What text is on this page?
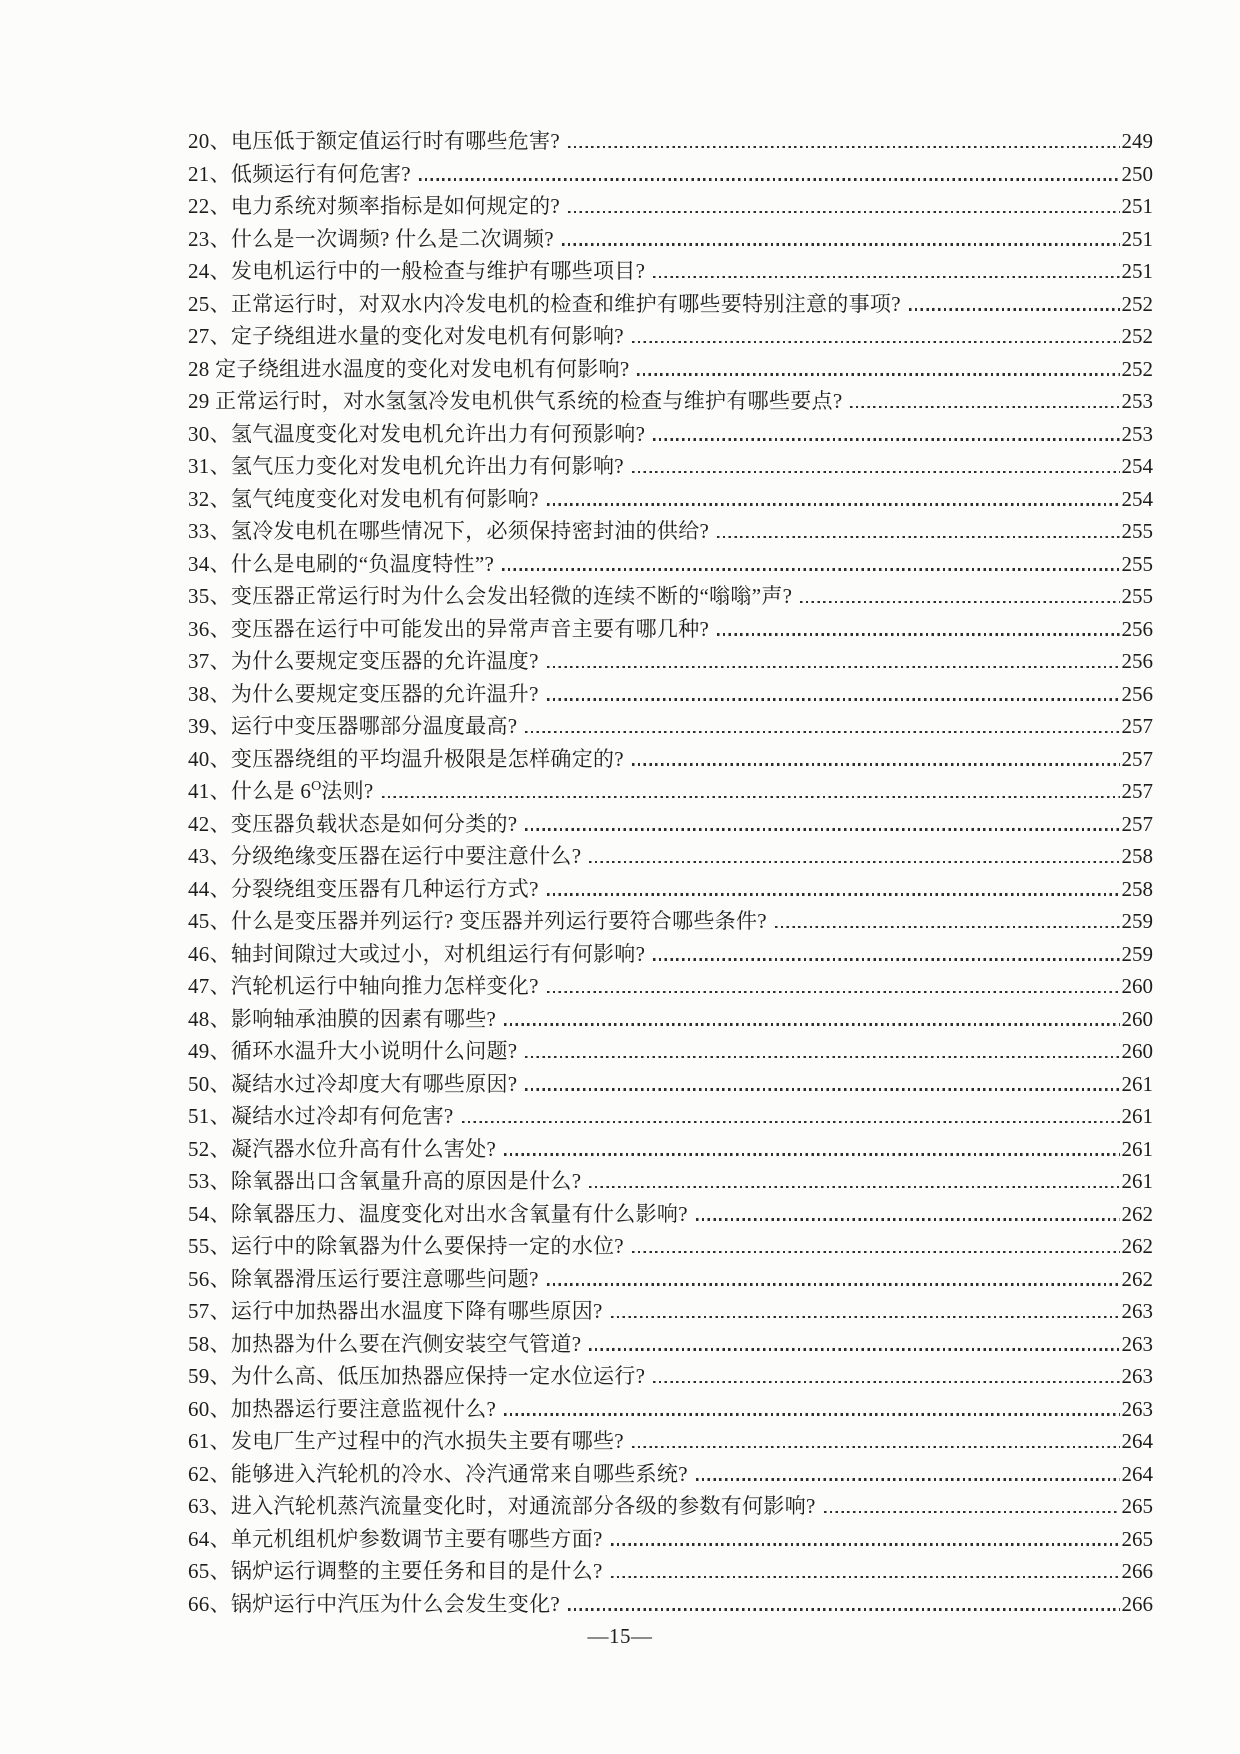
20、电压低于额定值运行时有哪些危害?	249
21、低频运行有何危害?	250
22、电力系统对频率指标是如何规定的?	251
23、什么是一次调频? 什么是二次调频?	251
24、发电机运行中的一般检查与维护有哪些项目?	251
25、正常运行时，对双水内冷发电机的检查和维护有哪些要特别注意的事项?	252
27、定子绕组进水量的变化对发电机有何影响?	252
28 定子绕组进水温度的变化对发电机有何影响?	252
29 正常运行时，对水氢氢冷发电机供气系统的检查与维护有哪些要点?	253
30、氢气温度变化对发电机允许出力有何预影响?	253
31、氢气压力变化对发电机允许出力有何影响?	254
32、氢气纯度变化对发电机有何影响?	254
33、氢冷发电机在哪些情况下，必须保持密封油的供给?	255
34、什么是电刷的“负温度特性”?	255
35、变压器正常运行时为什么会发出轻微的连续不断的“嗡嗡”声?	255
36、变压器在运行中可能发出的异常声音主要有哪几种?	256
37、为什么要规定变压器的允许温度?	256
38、为什么要规定变压器的允许温升?	256
39、运行中变压器哪部分温度最高?	257
40、变压器绕组的平均温升极限是怎样确定的?	257
41、什么是 $6^O$法则?	257
42、变压器负载状态是如何分类的?	257
43、分级绝缘变压器在运行中要注意什么?	258
44、分裂绕组变压器有几种运行方式?	258
45、什么是变压器并列运行? 变压器并列运行要符合哪些条件?	259
46、轴封间隙过大或过小，对机组运行有何影响?	259
47、汽轮机运行中轴向推力怎样变化?	260
48、影响轴承油膜的因素有哪些?	260
49、循环水温升大小说明什么问题?	260
50、凝结水过冷却度大有哪些原因?	261
51、凝结水过冷却有何危害?	261
52、凝汽器水位升高有什么害处?	261
53、除氧器出口含氧量升高的原因是什么?	261
54、除氧器压力、温度变化对出水含氧量有什么影响?	262
55、运行中的除氧器为什么要保持一定的水位?	262
56、除氧器滑压运行要注意哪些问题?	262
57、运行中加热器出水温度下降有哪些原因?	263
58、加热器为什么要在汽侧安装空气管道?	263
59、为什么高、低压加热器应保持一定水位运行?	263
60、加热器运行要注意监视什么?	263
61、发电厂生产过程中的汽水损失主要有哪些?	264
62、能够进入汽轮机的冷水、冷汽通常来自哪些系统?	264
63、进入汽轮机蒸汽流量变化时，对通流部分各级的参数有何影响?	265
64、单元机组机炉参数调节主要有哪些方面?	265
65、锅炉运行调整的主要任务和目的是什么?	266
66、锅炉运行中汽压为什么会发生变化?	266
—15—
